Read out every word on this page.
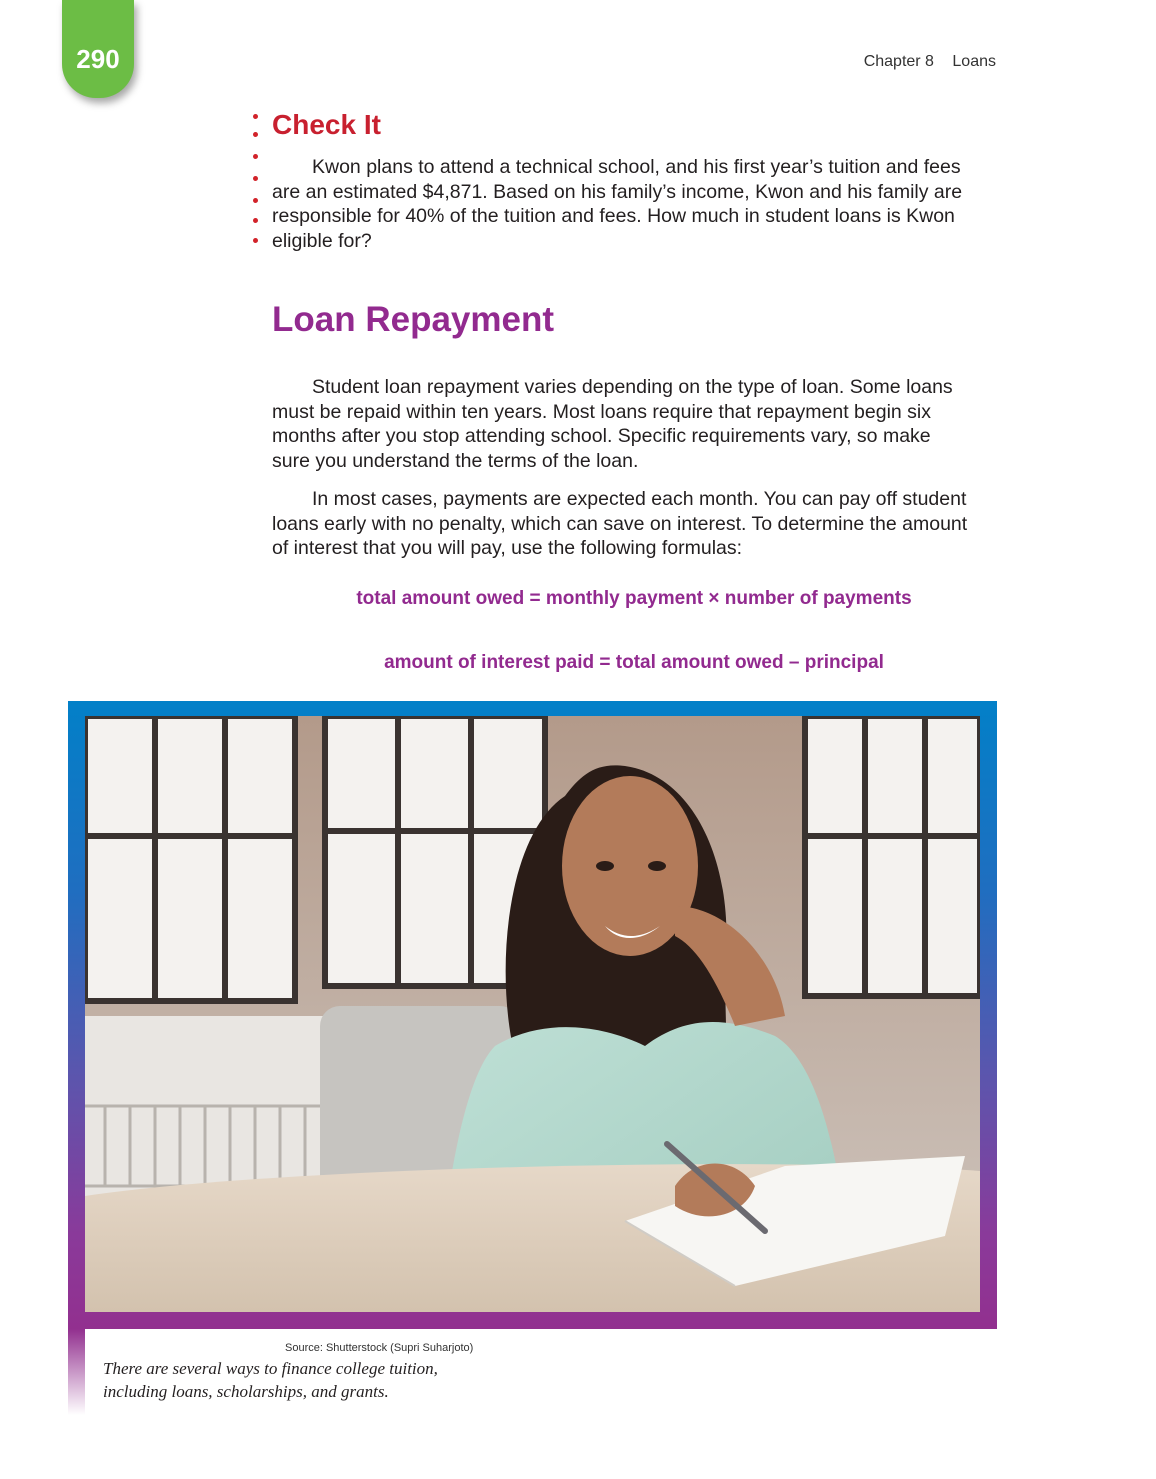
290	Chapter 8 Loans
Check It
Kwon plans to attend a technical school, and his first year’s tuition and fees
are an estimated $4,871. Based on his family’s income, Kwon and his family are
responsible for 40% of the tuition and fees. How much in student loans is Kwon
eligible for?
Loan Repayment
Student loan repayment varies depending on the type of loan. Some loans
must be repaid within ten years. Most loans require that repayment begin six
months after you stop attending school. Specific requirements vary, so make
sure you understand the terms of the loan.
In most cases, payments are expected each month. You can pay off student
loans early with no penalty, which can save on interest. To determine the amount
of interest that you will pay, use the following formulas:
total amount owed = monthly payment × number of payments
amount of interest paid = total amount owed – principal
Source: Shutterstock (Supri Suharjoto)
There are several ways to finance college tuition,
including loans, scholarships, and grants.
